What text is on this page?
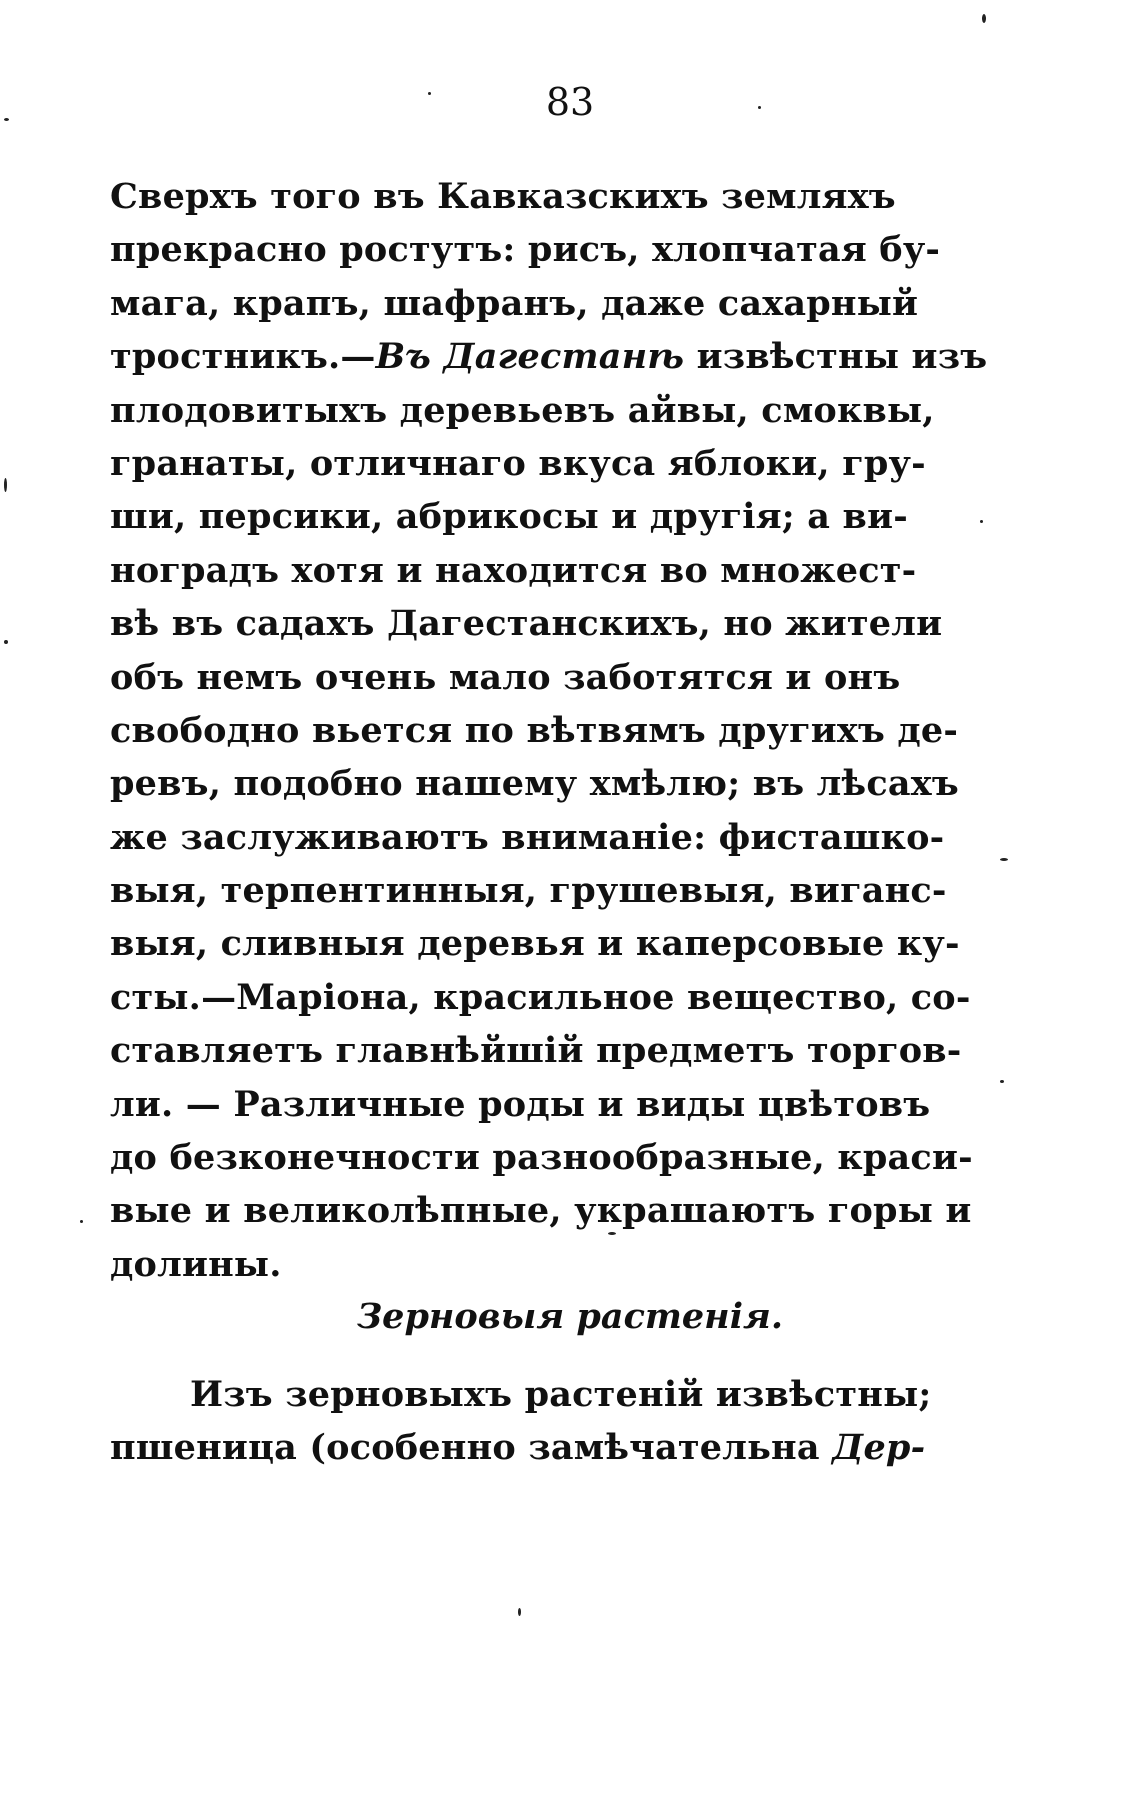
83
Сверхъ того въ Кавказскихъ земляхъ
прекрасно ростутъ: рисъ, хлопчатая бу-
мага, крапъ, шафранъ, даже сахарный
тростникъ.—Въ Дагестанѣ извѣстны изъ
плодовитыхъ деревьевъ айвы, смоквы,
гранаты, отличнаго вкуса яблоки, гру-
ши, персики, абрикосы и другія; а ви-
ноградъ хотя и находится во множест-
вѣ въ садахъ Дагестанскихъ, но жители
объ немъ очень мало заботятся и онъ
свободно вьется по вѣтвямъ другихъ де-
ревъ, подобно нашему хмѣлю; въ лѣсахъ
же заслуживаютъ вниманіе: фисташко-
выя, терпентинныя, грушевыя, виганс-
выя, сливныя деревья и каперсовые ку-
сты.—Маріона, красильное вещество, со-
ставляетъ главнѣйшій предметъ торгов-
ли. — Различные роды и виды цвѣтовъ
до безконечности разнообразные, краси-
вые и великолѣпные, украшаютъ горы и
долины.
Зерновыя растенія.
Изъ зерновыхъ растеній извѣстны;
пшеница (особенно замѣчательна Дер-
